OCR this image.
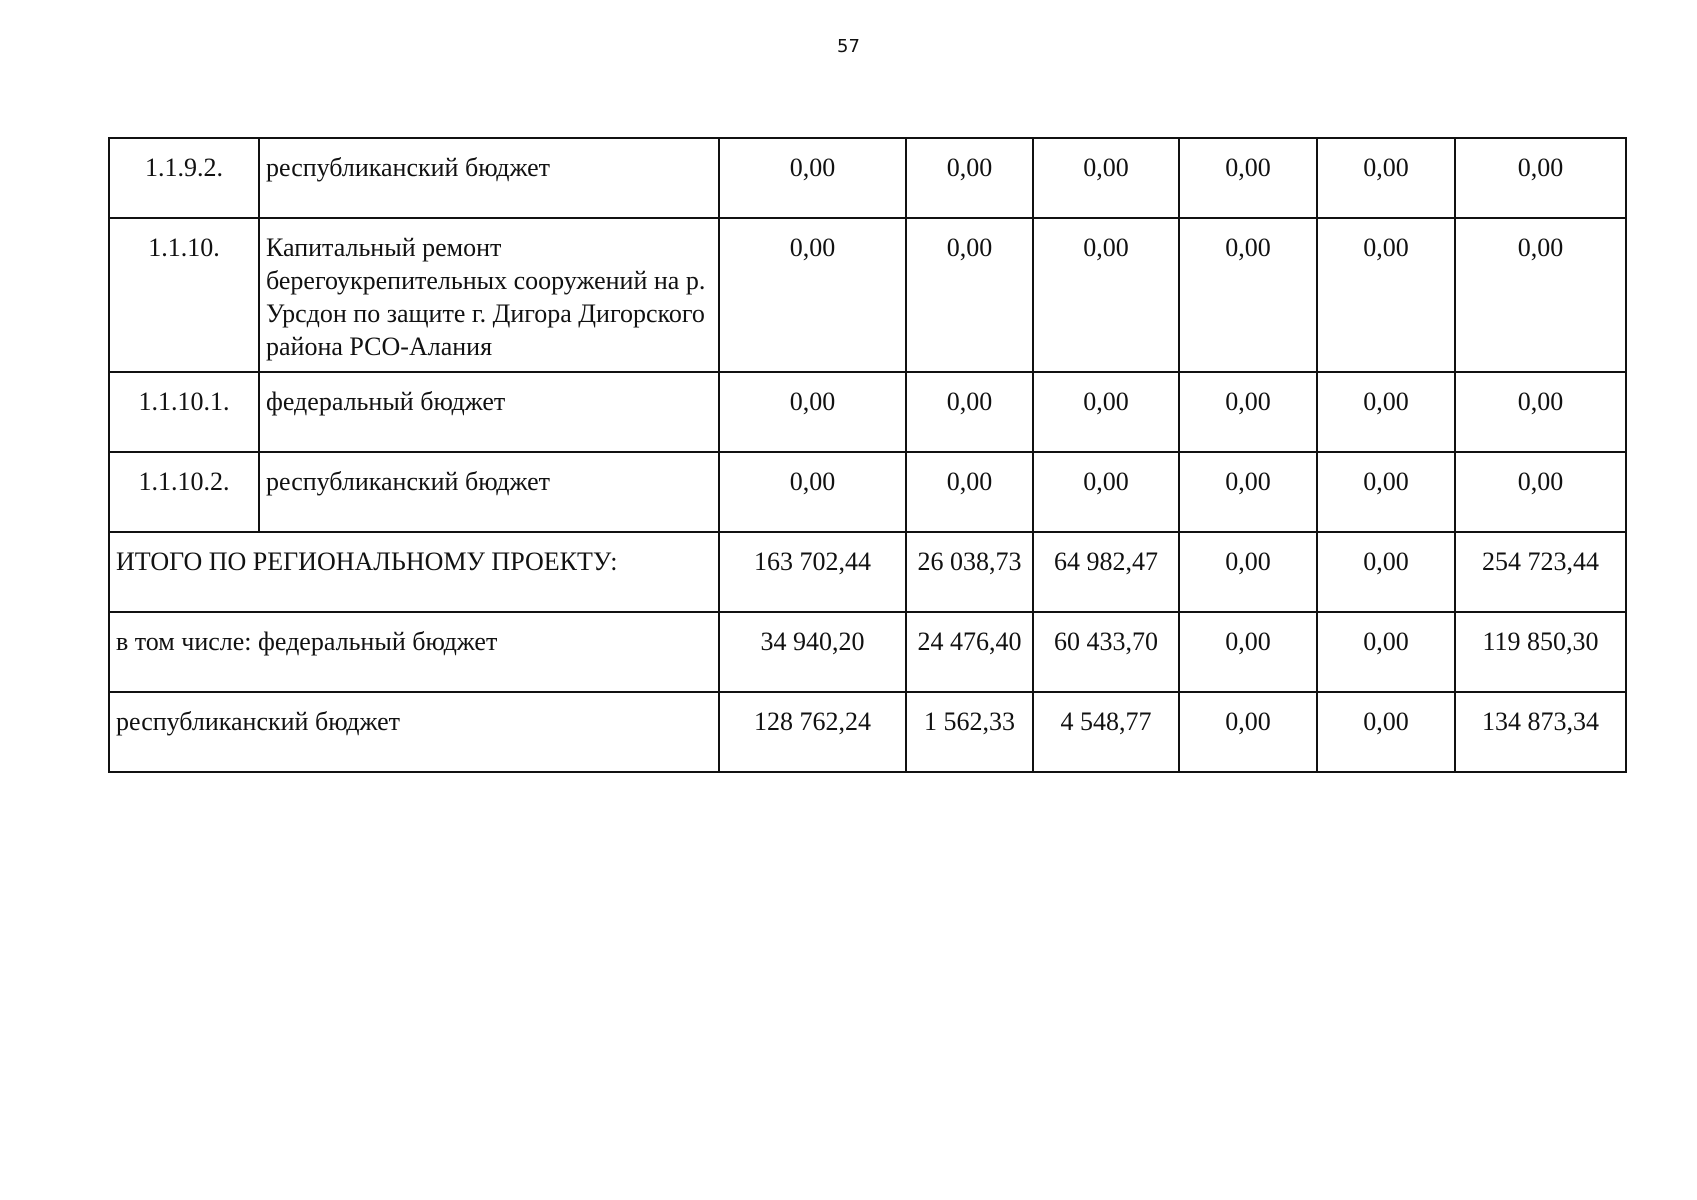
57
1.1.9.2.	республиканский бюджет	0,00	0,00	0,00	0,00	0,00	0,00
1.1.10.	Капитальный ремонт берегоукрепительных сооружений на р. Урсдон по защите г. Дигора Дигорского района РСО-Алания	0,00	0,00	0,00	0,00	0,00	0,00
1.1.10.1.	федеральный бюджет	0,00	0,00	0,00	0,00	0,00	0,00
1.1.10.2.	республиканский бюджет	0,00	0,00	0,00	0,00	0,00	0,00
ИТОГО ПО РЕГИОНАЛЬНОМУ ПРОЕКТУ:		163 702,44	26 038,73	64 982,47	0,00	0,00	254 723,44
в том числе: федеральный бюджет		34 940,20	24 476,40	60 433,70	0,00	0,00	119 850,30
республиканский бюджет		128 762,24	1 562,33	4 548,77	0,00	0,00	134 873,34
